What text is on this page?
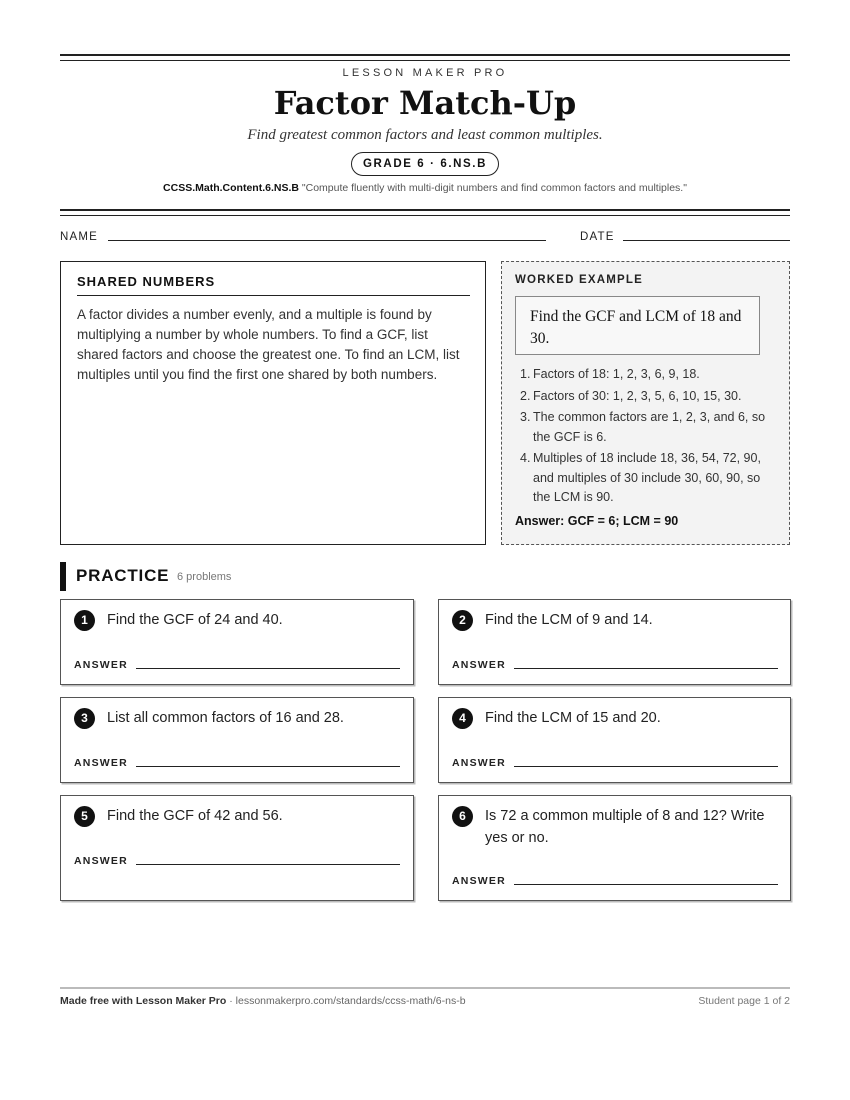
LESSON MAKER PRO
Factor Match-Up
Find greatest common factors and least common multiples.
GRADE 6 · 6.NS.B
CCSS.Math.Content.6.NS.B "Compute fluently with multi-digit numbers and find common factors and multiples."
NAME	DATE
SHARED NUMBERS
A factor divides a number evenly, and a multiple is found by multiplying a number by whole numbers. To find a GCF, list shared factors and choose the greatest one. To find an LCM, list multiples until you find the first one shared by both numbers.
WORKED EXAMPLE
Find the GCF and LCM of 18 and 30.
1. Factors of 18: 1, 2, 3, 6, 9, 18.
2. Factors of 30: 1, 2, 3, 5, 6, 10, 15, 30.
3. The common factors are 1, 2, 3, and 6, so the GCF is 6.
4. Multiples of 18 include 18, 36, 54, 72, 90, and multiples of 30 include 30, 60, 90, so the LCM is 90.
Answer: GCF = 6; LCM = 90
PRACTICE 6 problems
1	Find the GCF of 24 and 40.
ANSWER
2	Find the LCM of 9 and 14.
ANSWER
3	List all common factors of 16 and 28.
ANSWER
4	Find the LCM of 15 and 20.
ANSWER
5	Find the GCF of 42 and 56.
ANSWER
6	Is 72 a common multiple of 8 and 12? Write yes or no.
ANSWER
Made free with Lesson Maker Pro · lessonmakerpro.com/standards/ccss-math/6-ns-b	Student page 1 of 2
